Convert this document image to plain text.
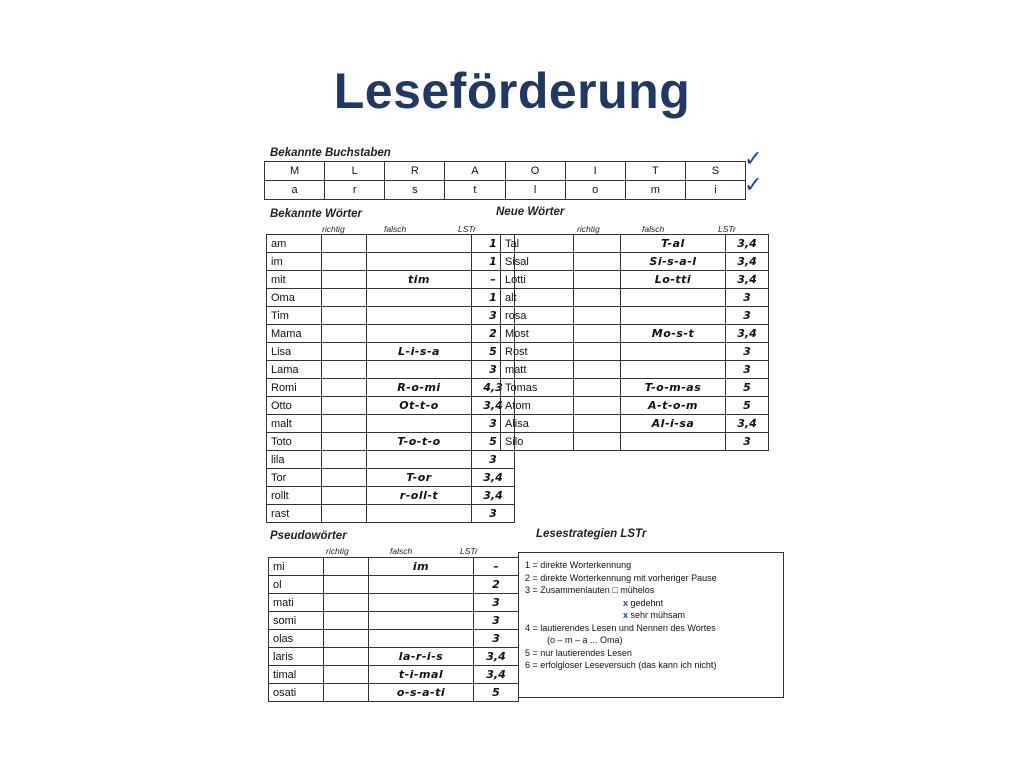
Leseförderung
Bekannte Buchstaben
M	L	R	A	O	I	T	S
a	r	s	t	l	o	m	i
✓
✓
Bekannte Wörter
richtig	falsch	LSTr
am			1
im			1
mit		tim	–
Oma			1
Tim			3
Mama			2
Lisa		L-i-s-a	5
Lama			3
Romi		R-o-mi	4,3
Otto		Ot-t-o	3,4
malt			3
Toto		T-o-t-o	5
lila			3
Tor		T-or	3,4
rollt		r-oll-t	3,4
rast			3
Neue Wörter
richtig	falsch	LSTr
Tal		T-al	3,4
Sisal		Si-s-a-l	3,4
Lotti		Lo-tti	3,4
alt			3
rosa			3
Most		Mo-s-t	3,4
Rost			3
matt			3
Tomas		T-o-m-as	5
Atom		A-t-o-m	5
Alisa		Al-i-sa	3,4
Silo			3
Pseudowörter
richtig	falsch	LSTr
mi		im	–
ol			2
mati			3
somi			3
olas			3
laris		la-r-i-s	3,4
timal		t-i-mal	3,4
osati		o-s-a-ti	5
Lesestrategien LSTr
1 = direkte Worterkennung
2 = direkte Worterkennung mit vorheriger Pause
3 = Zusammenlauten □ mühelos
x gedehnt
x sehr mühsam
4 = lautierendes Lesen und Nennen des Wortes
(o – m – a ... Oma)
5 = nur lautierendes Lesen
6 = erfolgloser Leseversuch (das kann ich nicht)
